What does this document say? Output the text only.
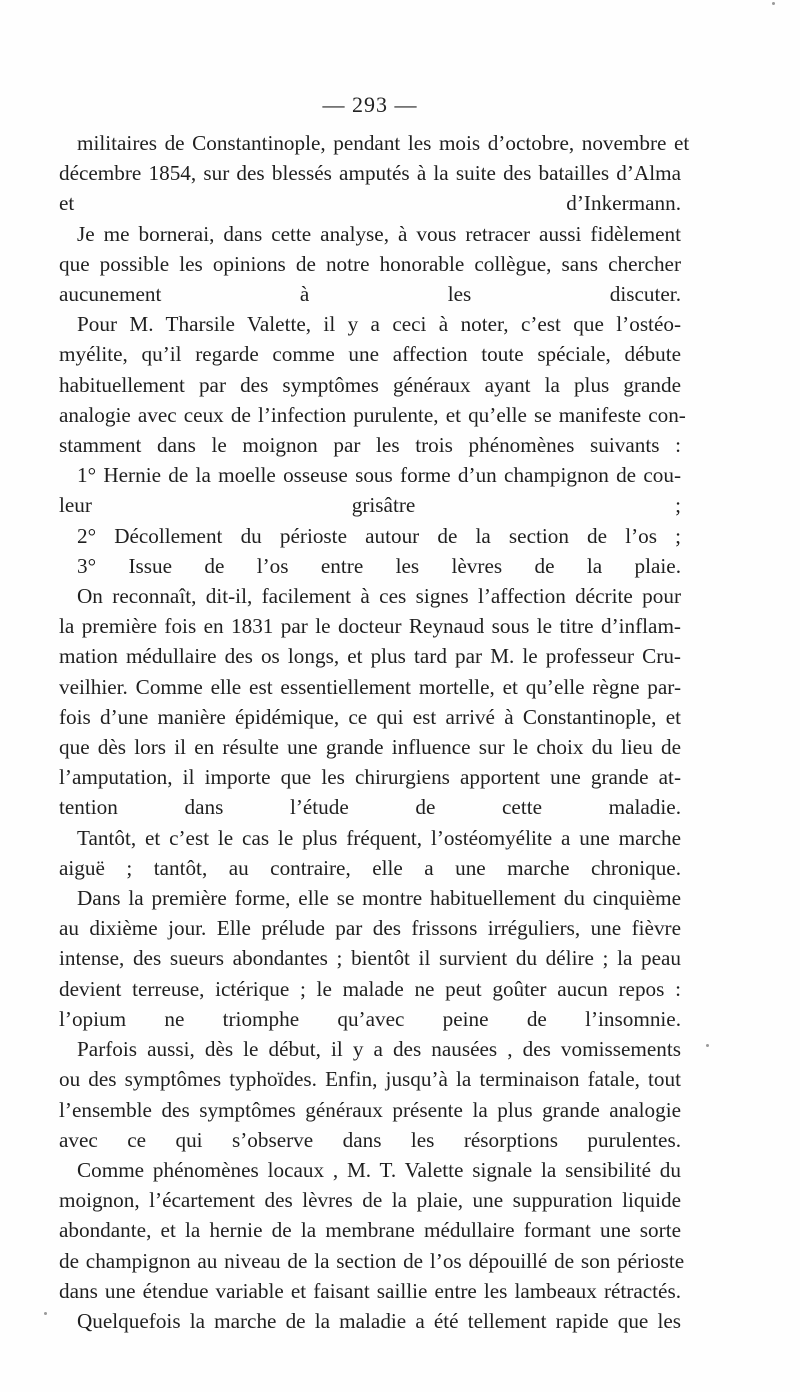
— 293 —

militaires de Constantinople, pendant les mois d’octobre, novembre et
décembre 1854, sur des blessés amputés à la suite des batailles d’Alma
et d’Inkermann.

Je me bornerai, dans cette analyse, à vous retracer aussi fidèlement
que possible les opinions de notre honorable collègue, sans chercher
aucunement à les discuter.

Pour M. Tharsile Valette, il y a ceci à noter, c’est que l’ostéo-
myélite, qu’il regarde comme une affection toute spéciale, débute
habituellement par des symptômes généraux ayant la plus grande
analogie avec ceux de l’infection purulente, et qu’elle se manifeste con-
stamment dans le moignon par les trois phénomènes suivants :

1° Hernie de la moelle osseuse sous forme d’un champignon de cou-
leur grisâtre ;

2° Décollement du périoste autour de la section de l’os ;

3° Issue de l’os entre les lèvres de la plaie.

On reconnaît, dit-il, facilement à ces signes l’affection décrite pour
la première fois en 1831 par le docteur Reynaud sous le titre d’inflam-
mation médullaire des os longs, et plus tard par M. le professeur Cru-
veilhier. Comme elle est essentiellement mortelle, et qu’elle règne par-
fois d’une manière épidémique, ce qui est arrivé à Constantinople, et
que dès lors il en résulte une grande influence sur le choix du lieu de
l’amputation, il importe que les chirurgiens apportent une grande at-
tention dans l’étude de cette maladie.

Tantôt, et c’est le cas le plus fréquent, l’ostéomyélite a une marche
aiguë ; tantôt, au contraire, elle a une marche chronique.

Dans la première forme, elle se montre habituellement du cinquième
au dixième jour. Elle prélude par des frissons irréguliers, une fièvre
intense, des sueurs abondantes ; bientôt il survient du délire ; la peau
devient terreuse, ictérique ; le malade ne peut goûter aucun repos :
l’opium ne triomphe qu’avec peine de l’insomnie.

Parfois aussi, dès le début, il y a des nausées , des vomissements
ou des symptômes typhoïdes. Enfin, jusqu’à la terminaison fatale, tout
l’ensemble des symptômes généraux présente la plus grande analogie
avec ce qui s’observe dans les résorptions purulentes.

Comme phénomènes locaux , M. T. Valette signale la sensibilité du
moignon, l’écartement des lèvres de la plaie, une suppuration liquide
abondante, et la hernie de la membrane médullaire formant une sorte
de champignon au niveau de la section de l’os dépouillé de son périoste
dans une étendue variable et faisant saillie entre les lambeaux rétractés.

Quelquefois la marche de la maladie a été tellement rapide que les
